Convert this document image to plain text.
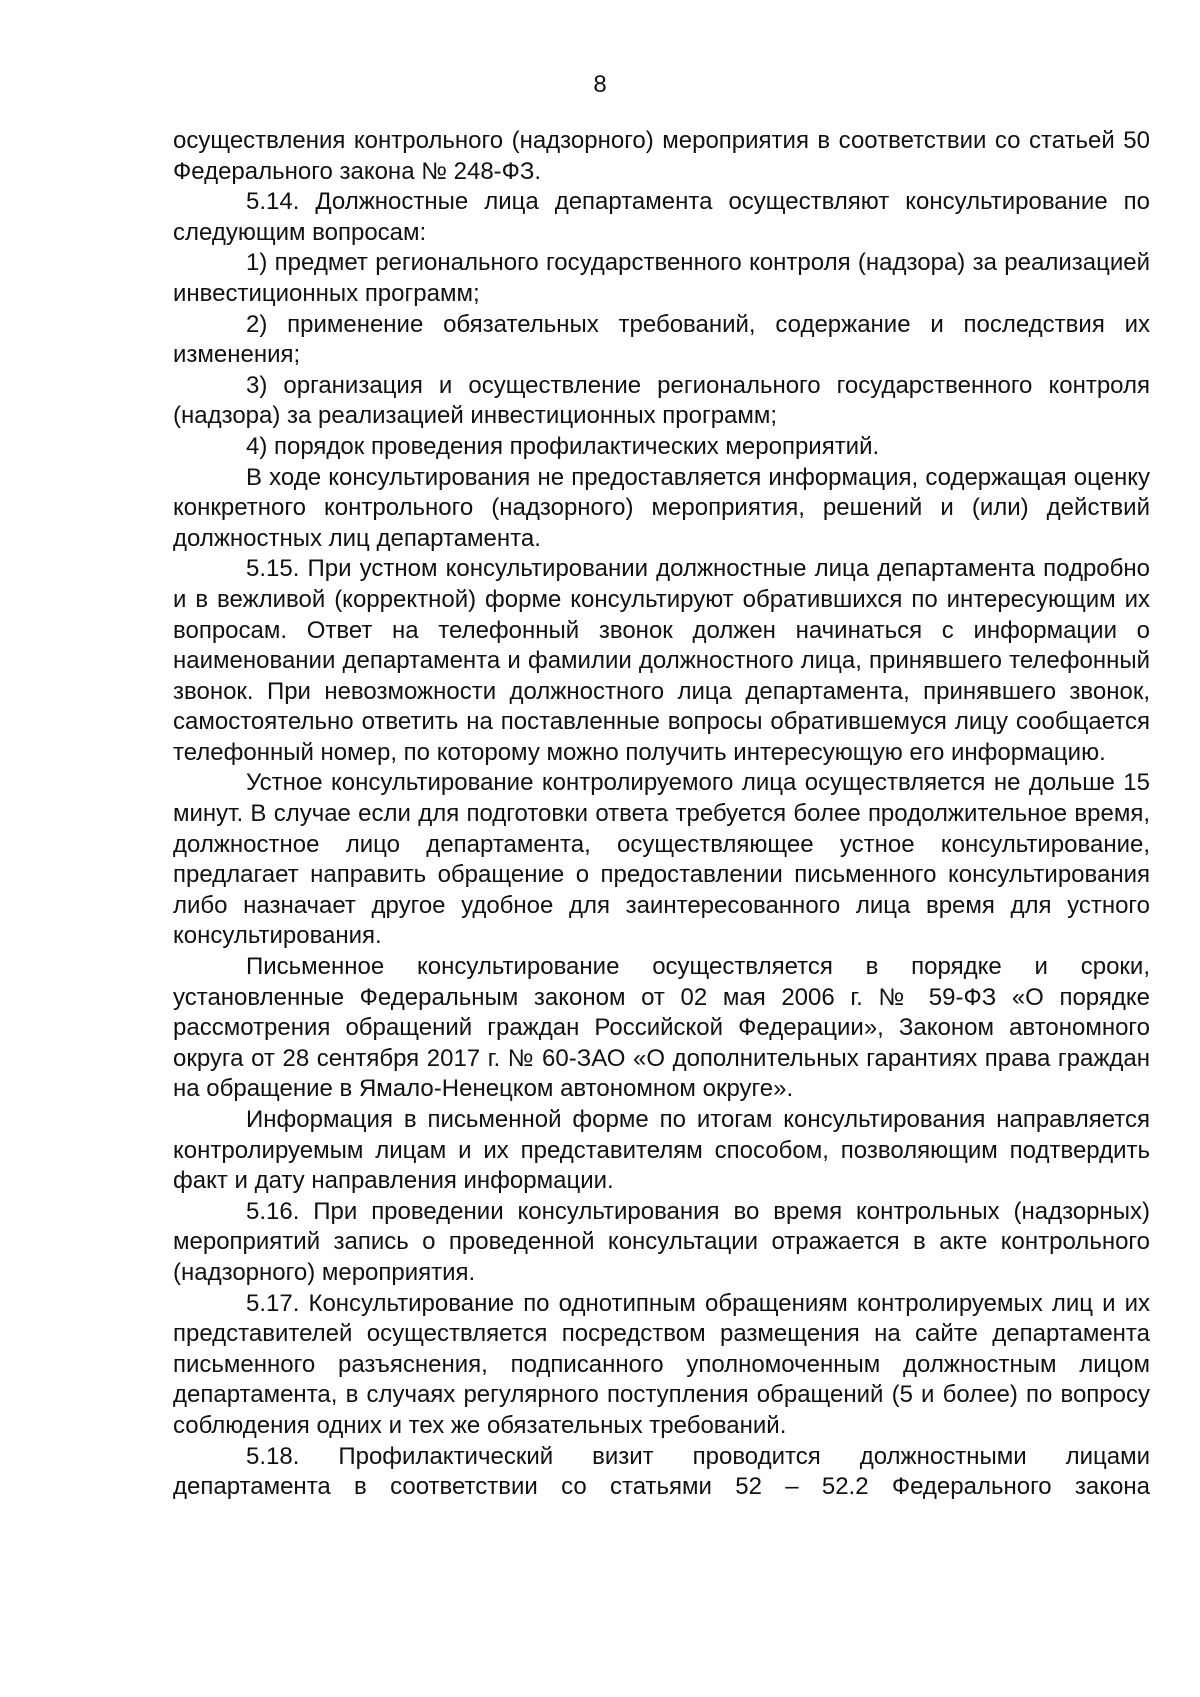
8

осуществления контрольного (надзорного) мероприятия в соответствии со статьей 50 Федерального закона № 248-ФЗ.

5.14. Должностные лица департамента осуществляют консультирование по следующим вопросам:

1) предмет регионального государственного контроля (надзора) за реализацией инвестиционных программ;

2) применение обязательных требований, содержание и последствия их изменения;

3) организация и осуществление регионального государственного контроля (надзора) за реализацией инвестиционных программ;

4) порядок проведения профилактических мероприятий.

В ходе консультирования не предоставляется информация, содержащая оценку конкретного контрольного (надзорного) мероприятия, решений и (или) действий должностных лиц департамента.

5.15. При устном консультировании должностные лица департамента подробно и в вежливой (корректной) форме консультируют обратившихся по интересующим их вопросам. Ответ на телефонный звонок должен начинаться с информации о наименовании департамента и фамилии должностного лица, принявшего телефонный звонок. При невозможности должностного лица департамента, принявшего звонок, самостоятельно ответить на поставленные вопросы обратившемуся лицу сообщается телефонный номер, по которому можно получить интересующую его информацию.

Устное консультирование контролируемого лица осуществляется не дольше 15 минут. В случае если для подготовки ответа требуется более продолжительное время, должностное лицо департамента, осуществляющее устное консультирование, предлагает направить обращение о предоставлении письменного консультирования либо назначает другое удобное для заинтересованного лица время для устного консультирования.

Письменное консультирование осуществляется в порядке и сроки, установленные Федеральным законом от 02 мая 2006 г. № 59-ФЗ «О порядке рассмотрения обращений граждан Российской Федерации», Законом автономного округа от 28 сентября 2017 г. № 60-ЗАО «О дополнительных гарантиях права граждан на обращение в Ямало-Ненецком автономном округе».

Информация в письменной форме по итогам консультирования направляется контролируемым лицам и их представителям способом, позволяющим подтвердить факт и дату направления информации.

5.16. При проведении консультирования во время контрольных (надзорных) мероприятий запись о проведенной консультации отражается в акте контрольного (надзорного) мероприятия.

5.17. Консультирование по однотипным обращениям контролируемых лиц и их представителей осуществляется посредством размещения на сайте департамента письменного разъяснения, подписанного уполномоченным должностным лицом департамента, в случаях регулярного поступления обращений (5 и более) по вопросу соблюдения одних и тех же обязательных требований.

5.18. Профилактический визит проводится должностными лицами департамента в соответствии со статьями 52 – 52.2 Федерального закона
